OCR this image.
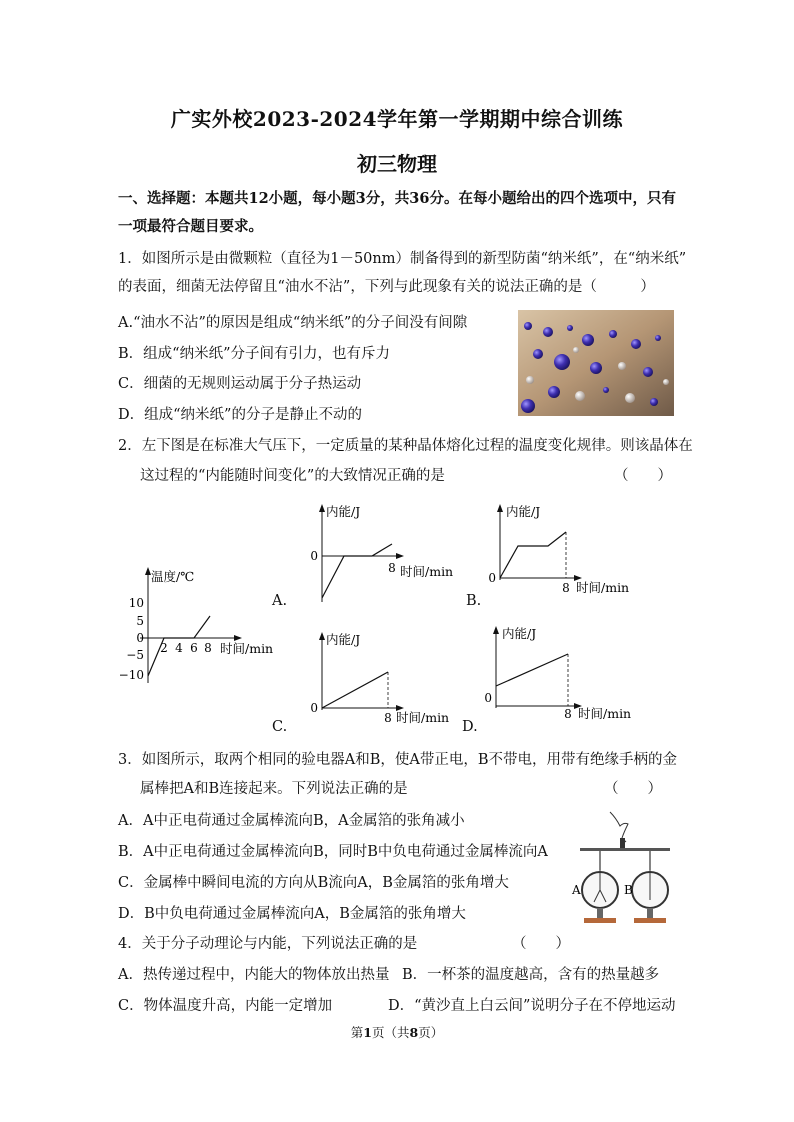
广实外校2023-2024学年第一学期期中综合训练
初三物理
一、选择题：本题共12小题，每小题3分，共36分。在每小题给出的四个选项中，只有
一项最符合题目要求。
1．如图所示是由微颗粒（直径为1－50nm）制备得到的新型防菌“纳米纸”，在“纳米纸”
的表面，细菌无法停留且“油水不沾”，下列与此现象有关的说法正确的是（　　　）
A.“油水不沾”的原因是组成“纳米纸”的分子间没有间隙
B．组成“纳米纸”分子间有引力，也有斥力
C．细菌的无规则运动属于分子热运动
D．组成“纳米纸”的分子是静止不动的
2．左下图是在标准大气压下，一定质量的某种晶体熔化过程的温度变化规律。则该晶体在
这过程的“内能随时间变化”的大致情况正确的是	（　　）
温度/℃
时间/min
10
5
0
−5
−10
2 4 6 8
内能/J
0
8 时间/min
A.
内能/J
0
8 时间/min
B.
内能/J
0
8 时间/min
C.
内能/J
0
8 时间/min
D.
3．如图所示，取两个相同的验电器A和B，使A带正电，B不带电，用带有绝缘手柄的金
属棒把A和B连接起来。下列说法正确的是	（　　）
A．A中正电荷通过金属棒流向B，A金属箔的张角减小
B．A中正电荷通过金属棒流向B，同时B中负电荷通过金属棒流向A
C．金属棒中瞬间电流的方向从B流向A，B金属箔的张角增大
D．B中负电荷通过金属棒流向A，B金属箔的张角增大
A	B
4．关于分子动理论与内能，下列说法正确的是	（　　）
A．热传递过程中，内能大的物体放出热量 B．一杯茶的温度越高，含有的热量越多
C．物体温度升高，内能一定增加	D．“黄沙直上白云间”说明分子在不停地运动
第1页（共8页）
